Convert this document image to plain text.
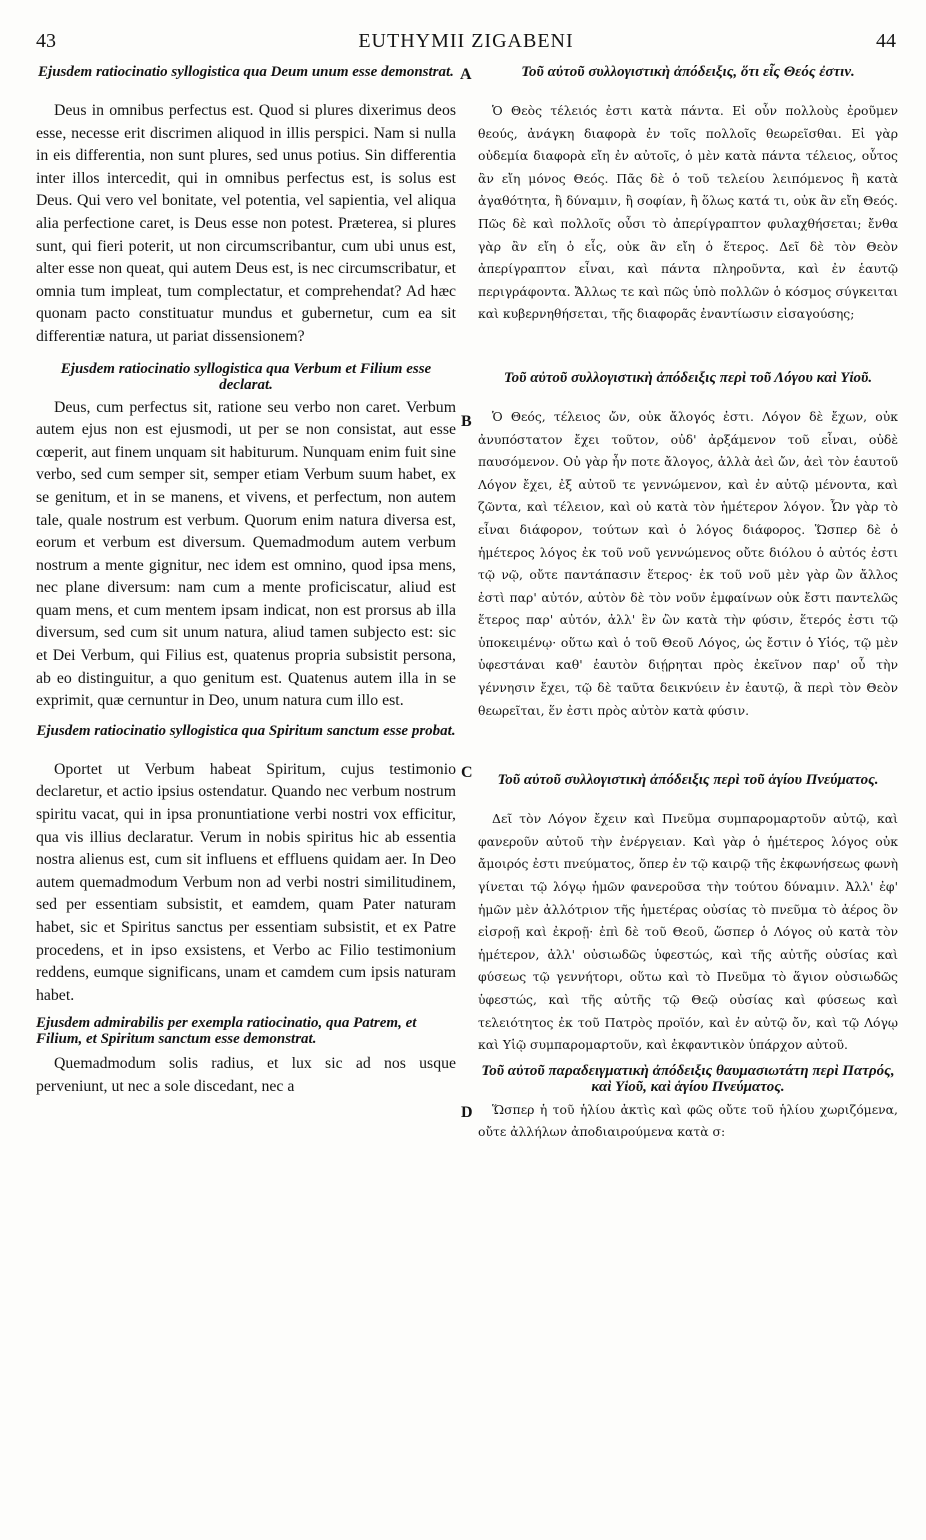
43	EUTHYMII ZIGABENI	44
Ejusdem ratiocinatio syllogistica qua Deum unum esse demonstrat.

Deus in omnibus perfectus est. Quod si plures dixerimus deos esse, necesse erit discrimen aliquod in illis perspici. Nam si nulla in eis differentia, non sunt plures, sed unus potius. Sin differentia inter illos intercedit, qui in omnibus perfectus est, is solus est Deus. Qui vero vel bonitate, vel potentia, vel sapientia, vel aliqua alia perfectione caret, is Deus esse non potest. Præterea, si plures sunt, qui fieri poterit, ut non circumscribantur, cum ubi unus est, alter esse non queat, qui autem Deus est, is nec circumscribatur, et omnia tum impleat, tum complectatur, et comprehendat? Ad hæc quonam pacto constituatur mundus et gubernetur, cum ea sit differentiæ natura, ut pariat dissensionem?

Ejusdem ratiocinatio syllogistica qua Verbum et Filium esse declarat.

Deus, cum perfectus sit, ratione seu verbo non caret. Verbum autem ejus non est ejusmodi, ut per se non consistat, aut esse cœperit, aut finem unquam sit habiturum. Nunquam enim fuit sine verbo, sed cum semper sit, semper etiam Verbum suum habet, ex se genitum, et in se manens, et vivens, et perfectum, non autem tale, quale nostrum est verbum. Quorum enim natura diversa est, eorum et verbum est diversum. Quemadmodum autem verbum nostrum a mente gignitur, nec idem est omnino, quod ipsa mens, nec plane diversum: nam cum a mente proficiscatur, aliud est quam mens, et cum mentem ipsam indicat, non est prorsus ab illa diversum, sed cum sit unum natura, aliud tamen subjecto est: sic et Dei Verbum, qui Filius est, quatenus propria subsistit persona, ab eo distinguitur, a quo genitum est. Quatenus autem illa in se exprimit, quæ cernuntur in Deo, unum natura cum illo est.

Ejusdem ratiocinatio syllogistica qua Spiritum sanctum esse probat.

Oportet ut Verbum habeat Spiritum, cujus testimonio declaretur, et actio ipsius ostendatur. Quando nec verbum nostrum spiritu vacat, qui in ipsa pronuntiatione verbi nostri vox efficitur, qua vis illius declaratur. Verum in nobis spiritus hic ab essentia nostra alienus est, cum sit influens et effluens quidam aer. In Deo autem quemadmodum Verbum non ad verbi nostri similitudinem, sed per essentiam subsistit, et eamdem, quam Pater naturam habet, sic et Spiritus sanctus per essentiam subsistit, et ex Patre procedens, et in ipso exsistens, et Verbo ac Filio testimonium reddens, eumque significans, unam et camdem cum ipsis naturam habet.

Ejusdem admirabilis per exempla ratiocinatio, qua Patrem, et Filium, et Spiritum sanctum esse demonstrat.

Quemadmodum solis radius, et lux sic ad nos usque perveniunt, ut nec a sole discedant, nec a

Τοῦ αὐτοῦ συλλογιστικὴ ἀπόδειξις, ὅτι εἷς Θεός ἐστιν.

Ὁ Θεὸς τέλειός ἐστι κατὰ πάντα. Εἰ οὖν πολλοὺς ἐροῦμεν θεούς, ἀνάγκη διαφορὰ ἐν τοῖς πολλοῖς θεωρεῖσθαι. Εἰ γὰρ οὐδεμία διαφορὰ εἴη ἐν αὐτοῖς, ὁ μὲν κατὰ πάντα τέλειος, οὗτος ἂν εἴη μόνος Θεός. Πᾶς δὲ ὁ τοῦ τελείου λειπόμενος ἢ κατὰ ἀγαθότητα, ἢ δύναμιν, ἢ σοφίαν, ἢ ὅλως κατά τι, οὐκ ἂν εἴη Θεός. Πῶς δὲ καὶ πολλοῖς οὖσι τὸ ἀπερίγραπτον φυλαχθήσεται; ἔνθα γὰρ ἂν εἴη ὁ εἷς, οὐκ ἂν εἴη ὁ ἕτερος. Δεῖ δὲ τὸν Θεὸν ἀπερίγραπτον εἶναι, καὶ πάντα πληροῦντα, καὶ ἐν ἑαυτῷ περιγράφοντα. Ἄλλως τε καὶ πῶς ὑπὸ πολλῶν ὁ κόσμος σύγκειται καὶ κυβερνηθήσεται, τῆς διαφορᾶς ἐναντίωσιν εἰσαγούσης;

Τοῦ αὐτοῦ συλλογιστικὴ ἀπόδειξις περὶ τοῦ Λόγου καὶ Υἱοῦ.

Ὁ Θεός, τέλειος ὤν, οὐκ ἄλογός ἐστι. Λόγον δὲ ἔχων, οὐκ ἀνυπόστατον ἔχει τοῦτον, οὐδ' ἀρξάμενον τοῦ εἶναι, οὐδὲ παυσόμενον. Οὐ γὰρ ἦν ποτε ἄλογος, ἀλλὰ ἀεὶ ὤν, ἀεὶ τὸν ἑαυτοῦ Λόγον ἔχει, ἐξ αὐτοῦ τε γεννώμενον, καὶ ἐν αὐτῷ μένοντα, καὶ ζῶντα, καὶ τέλειον, καὶ οὐ κατὰ τὸν ἡμέτερον λόγον. Ὧν γὰρ τὸ εἶναι διάφορον, τούτων καὶ ὁ λόγος διάφορος. Ὥσπερ δὲ ὁ ἡμέτερος λόγος ἐκ τοῦ νοῦ γεννώμενος οὔτε διόλου ὁ αὐτός ἐστι τῷ νῷ, οὔτε παντάπασιν ἕτερος· ἐκ τοῦ νοῦ μὲν γὰρ ὢν ἄλλος ἐστὶ παρ' αὐτόν, αὐτὸν δὲ τὸν νοῦν ἐμφαίνων οὐκ ἔστι παντελῶς ἕτερος παρ' αὐτόν, ἀλλ' ἓν ὢν κατὰ τὴν φύσιν, ἕτερός ἐστι τῷ ὑποκειμένῳ· οὕτω καὶ ὁ τοῦ Θεοῦ Λόγος, ὡς ἔστιν ὁ Υἱός, τῷ μὲν ὑφεστάναι καθ' ἑαυτὸν διῄρηται πρὸς ἐκεῖνον παρ' οὗ τὴν γέννησιν ἔχει, τῷ δὲ ταῦτα δεικνύειν ἐν ἑαυτῷ, ἃ περὶ τὸν Θεὸν θεωρεῖται, ἕν ἐστι πρὸς αὐτὸν κατὰ φύσιν.

Τοῦ αὐτοῦ συλλογιστικὴ ἀπόδειξις περὶ τοῦ ἁγίου Πνεύματος.

Δεῖ τὸν Λόγον ἔχειν καὶ Πνεῦμα συμπαρομαρτοῦν αὐτῷ, καὶ φανεροῦν αὐτοῦ τὴν ἐνέργειαν. Καὶ γὰρ ὁ ἡμέτερος λόγος οὐκ ἄμοιρός ἐστι πνεύματος, ὅπερ ἐν τῷ καιρῷ τῆς ἐκφωνήσεως φωνὴ γίνεται τῷ λόγῳ ἡμῶν φανεροῦσα τὴν τούτου δύναμιν. Ἀλλ' ἐφ' ἡμῶν μὲν ἀλλότριον τῆς ἡμετέρας οὐσίας τὸ πνεῦμα τὸ ἀέρος ὂν εἰσροῇ καὶ ἐκροῇ· ἐπὶ δὲ τοῦ Θεοῦ, ὥσπερ ὁ Λόγος οὐ κατὰ τὸν ἡμέτερον, ἀλλ' οὐσιωδῶς ὑφεστώς, καὶ τῆς αὐτῆς οὐσίας καὶ φύσεως τῷ γεννήτορι, οὕτω καὶ τὸ Πνεῦμα τὸ ἅγιον οὐσιωδῶς ὑφεστώς, καὶ τῆς αὐτῆς τῷ Θεῷ οὐσίας καὶ φύσεως καὶ τελειότητος ἐκ τοῦ Πατρὸς προϊόν, καὶ ἐν αὐτῷ ὄν, καὶ τῷ Λόγῳ καὶ Υἱῷ συμπαρομαρτοῦν, καὶ ἐκφαντικὸν ὑπάρχον αὐτοῦ.

Τοῦ αὐτοῦ παραδειγματικὴ ἀπόδειξις θαυμασιωτάτη περὶ Πατρός, καὶ Υἱοῦ, καὶ ἁγίου Πνεύματος.

Ὥσπερ ἡ τοῦ ἡλίου ἀκτὶς καὶ φῶς οὔτε τοῦ ἡλίου χωριζόμενα, οὔτε ἀλλήλων ἀποδιαιρούμενα κατὰ σ:

A
B
C
D
